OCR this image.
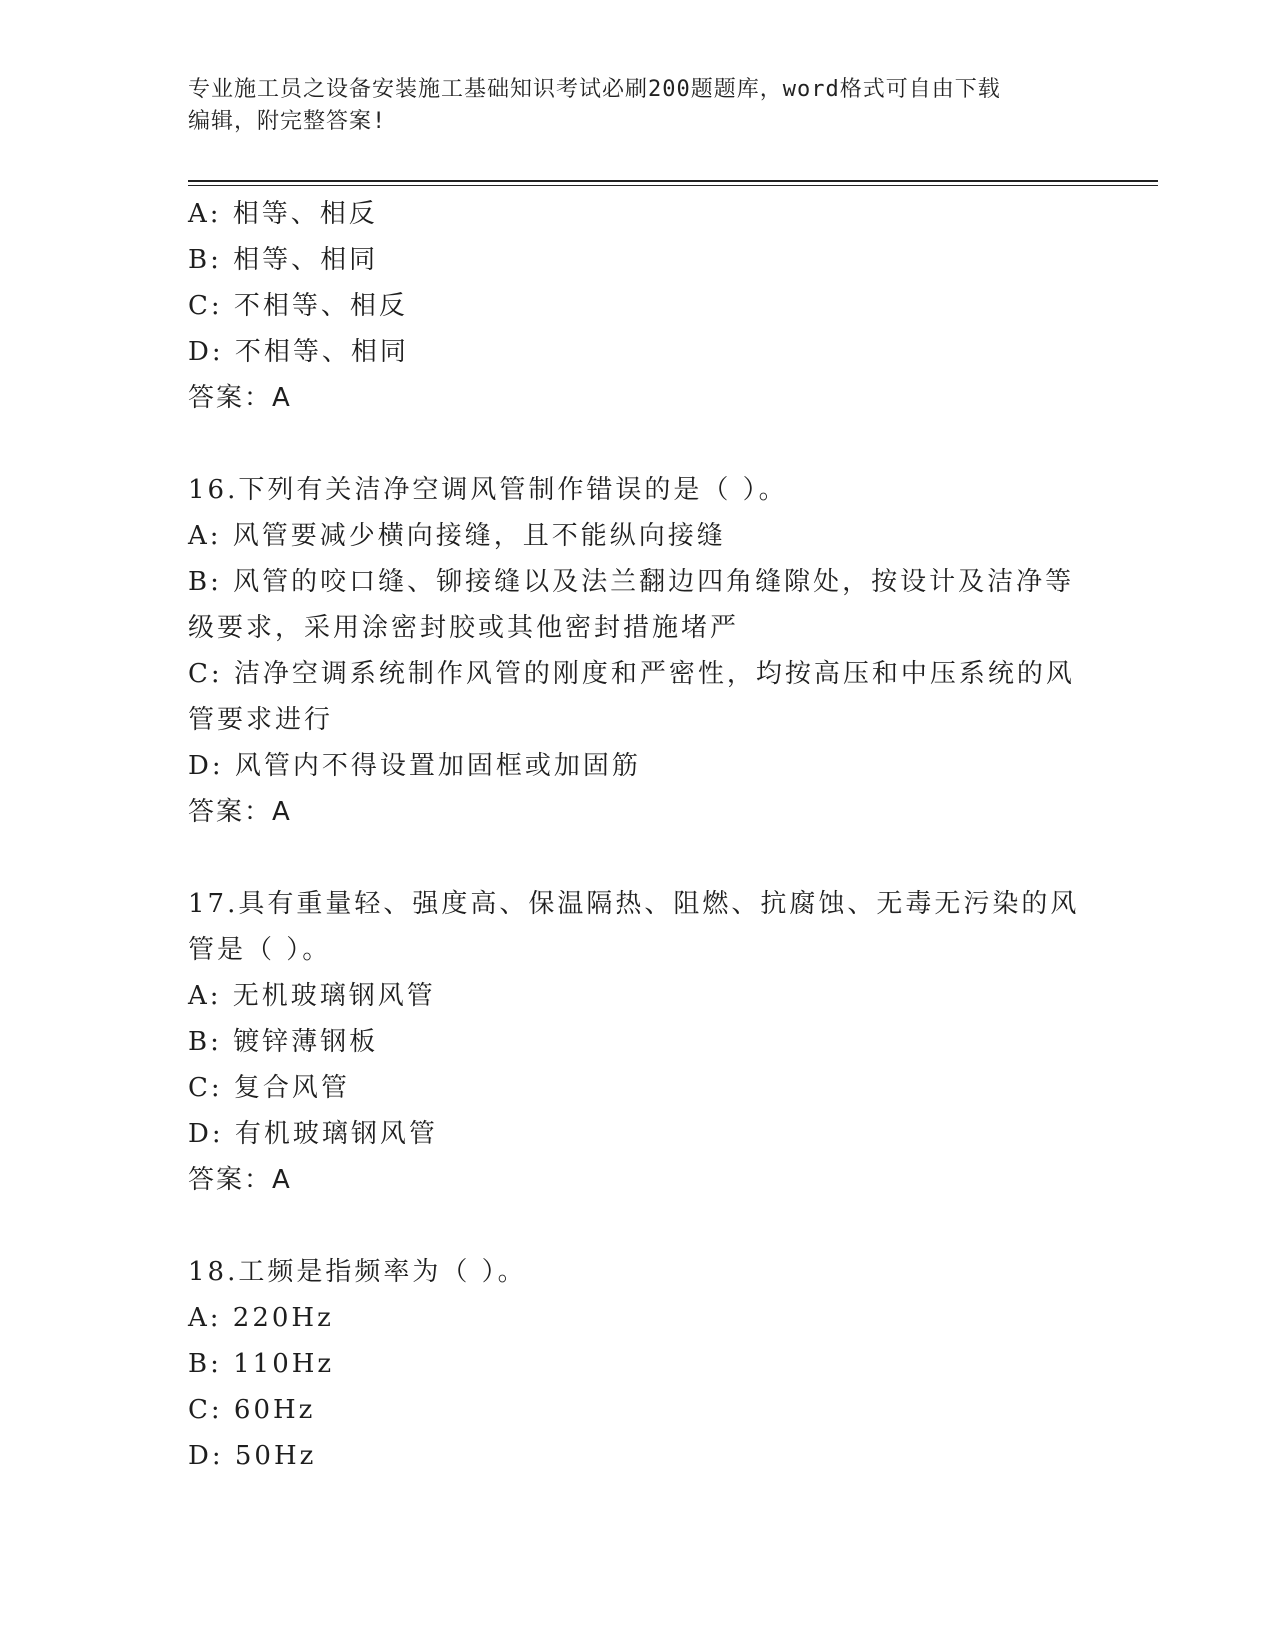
专业施工员之设备安装施工基础知识考试必刷200题题库，word格式可自由下载
编辑，附完整答案!
A: 相等、相反
B: 相等、相同
C: 不相等、相反
D: 不相等、相同
答案：A
16.下列有关洁净空调风管制作错误的是（ ）。
A: 风管要减少横向接缝，且不能纵向接缝
B: 风管的咬口缝、铆接缝以及法兰翻边四角缝隙处，按设计及洁净等
级要求，采用涂密封胶或其他密封措施堵严
C: 洁净空调系统制作风管的刚度和严密性，均按高压和中压系统的风
管要求进行
D: 风管内不得设置加固框或加固筋
答案：A
17.具有重量轻、强度高、保温隔热、阻燃、抗腐蚀、无毒无污染的风
管是（ ）。
A: 无机玻璃钢风管
B: 镀锌薄钢板
C: 复合风管
D: 有机玻璃钢风管
答案：A
18.工频是指频率为（ ）。
A: 220Hz
B: 110Hz
C: 60Hz
D: 50Hz
